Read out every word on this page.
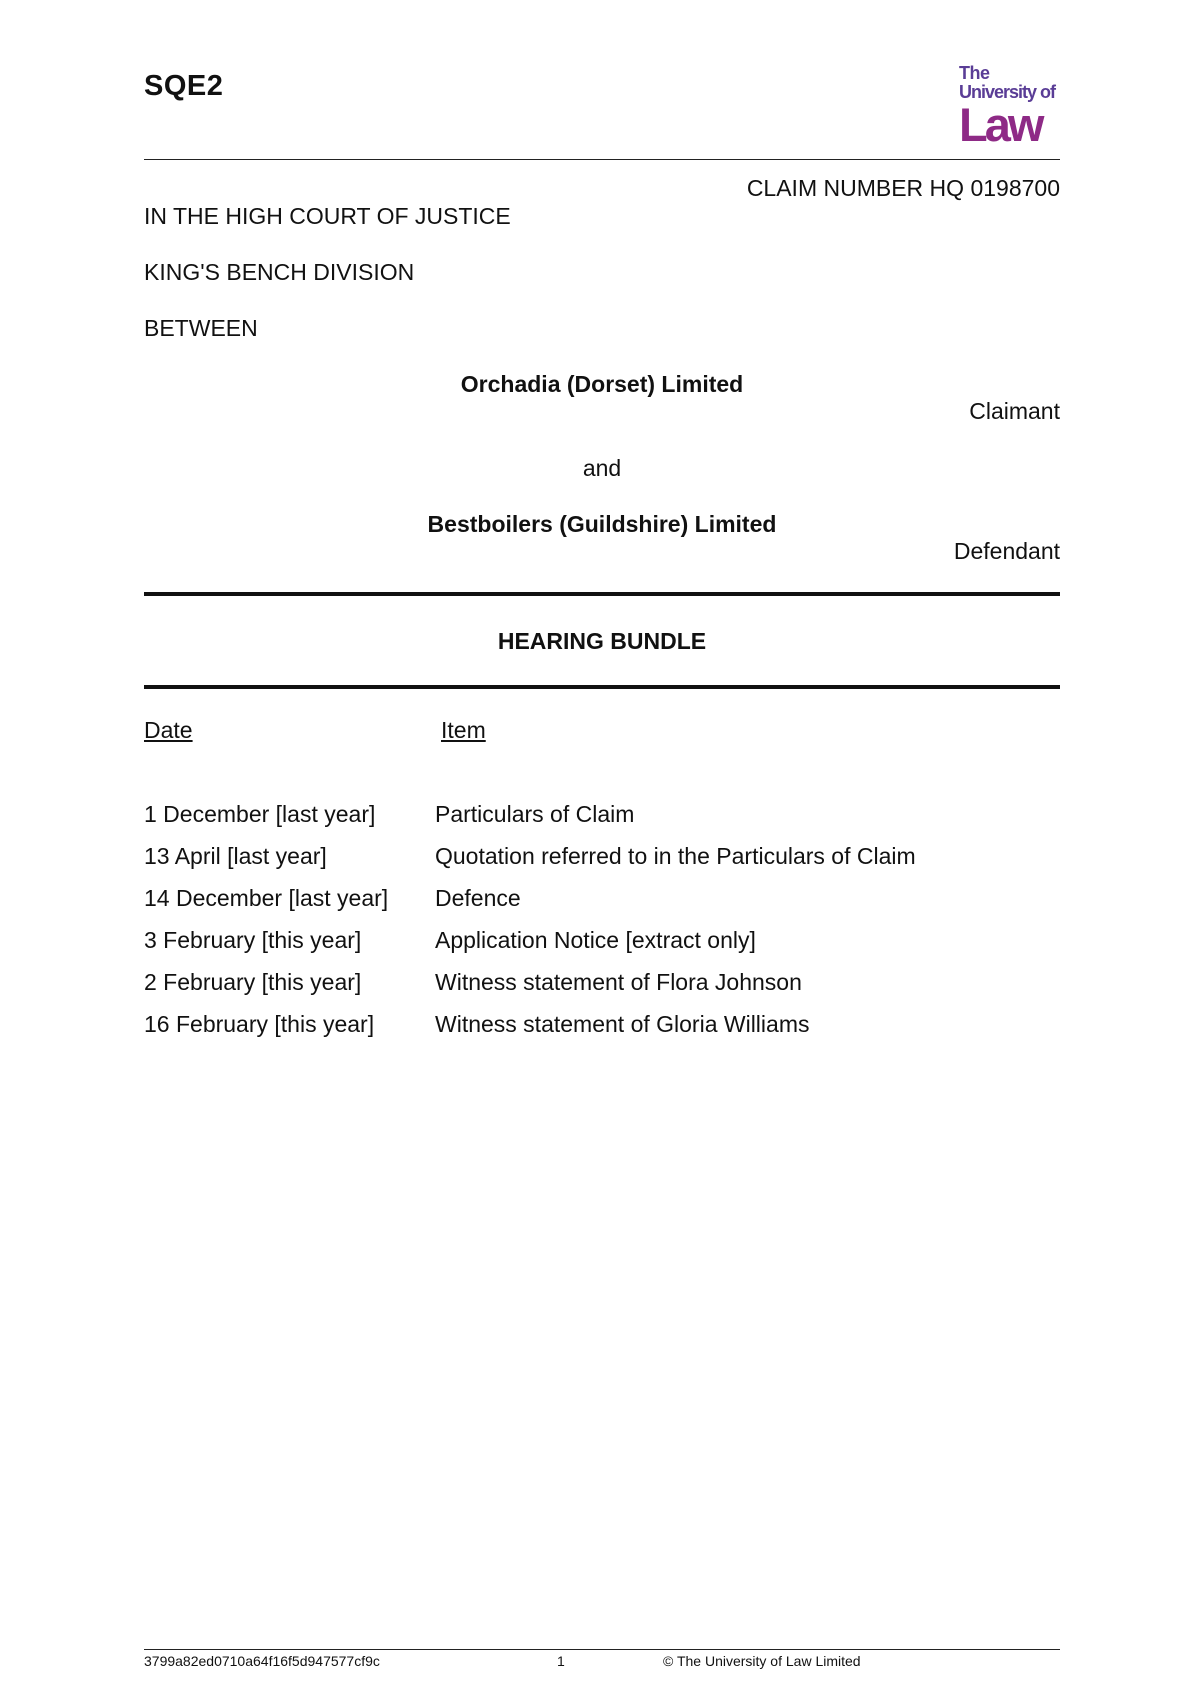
SQE2	The
University of
Law
CLAIM NUMBER HQ 0198700
IN THE HIGH COURT OF JUSTICE
KING'S BENCH DIVISION
BETWEEN
Orchadia (Dorset) Limited
Claimant
and
Bestboilers (Guildshire) Limited
Defendant
HEARING BUNDLE
Date	Item
1 December [last year]	Particulars of Claim
13 April [last year]	Quotation referred to in the Particulars of Claim
14 December [last year] Defence
3 February [this year]	Application Notice [extract only]
2 February [this year]	Witness statement of Flora Johnson
16 February [this year]	Witness statement of Gloria Williams
3799a82ed0710a64f16f5d947577cf9c	1	© The University of Law Limited
